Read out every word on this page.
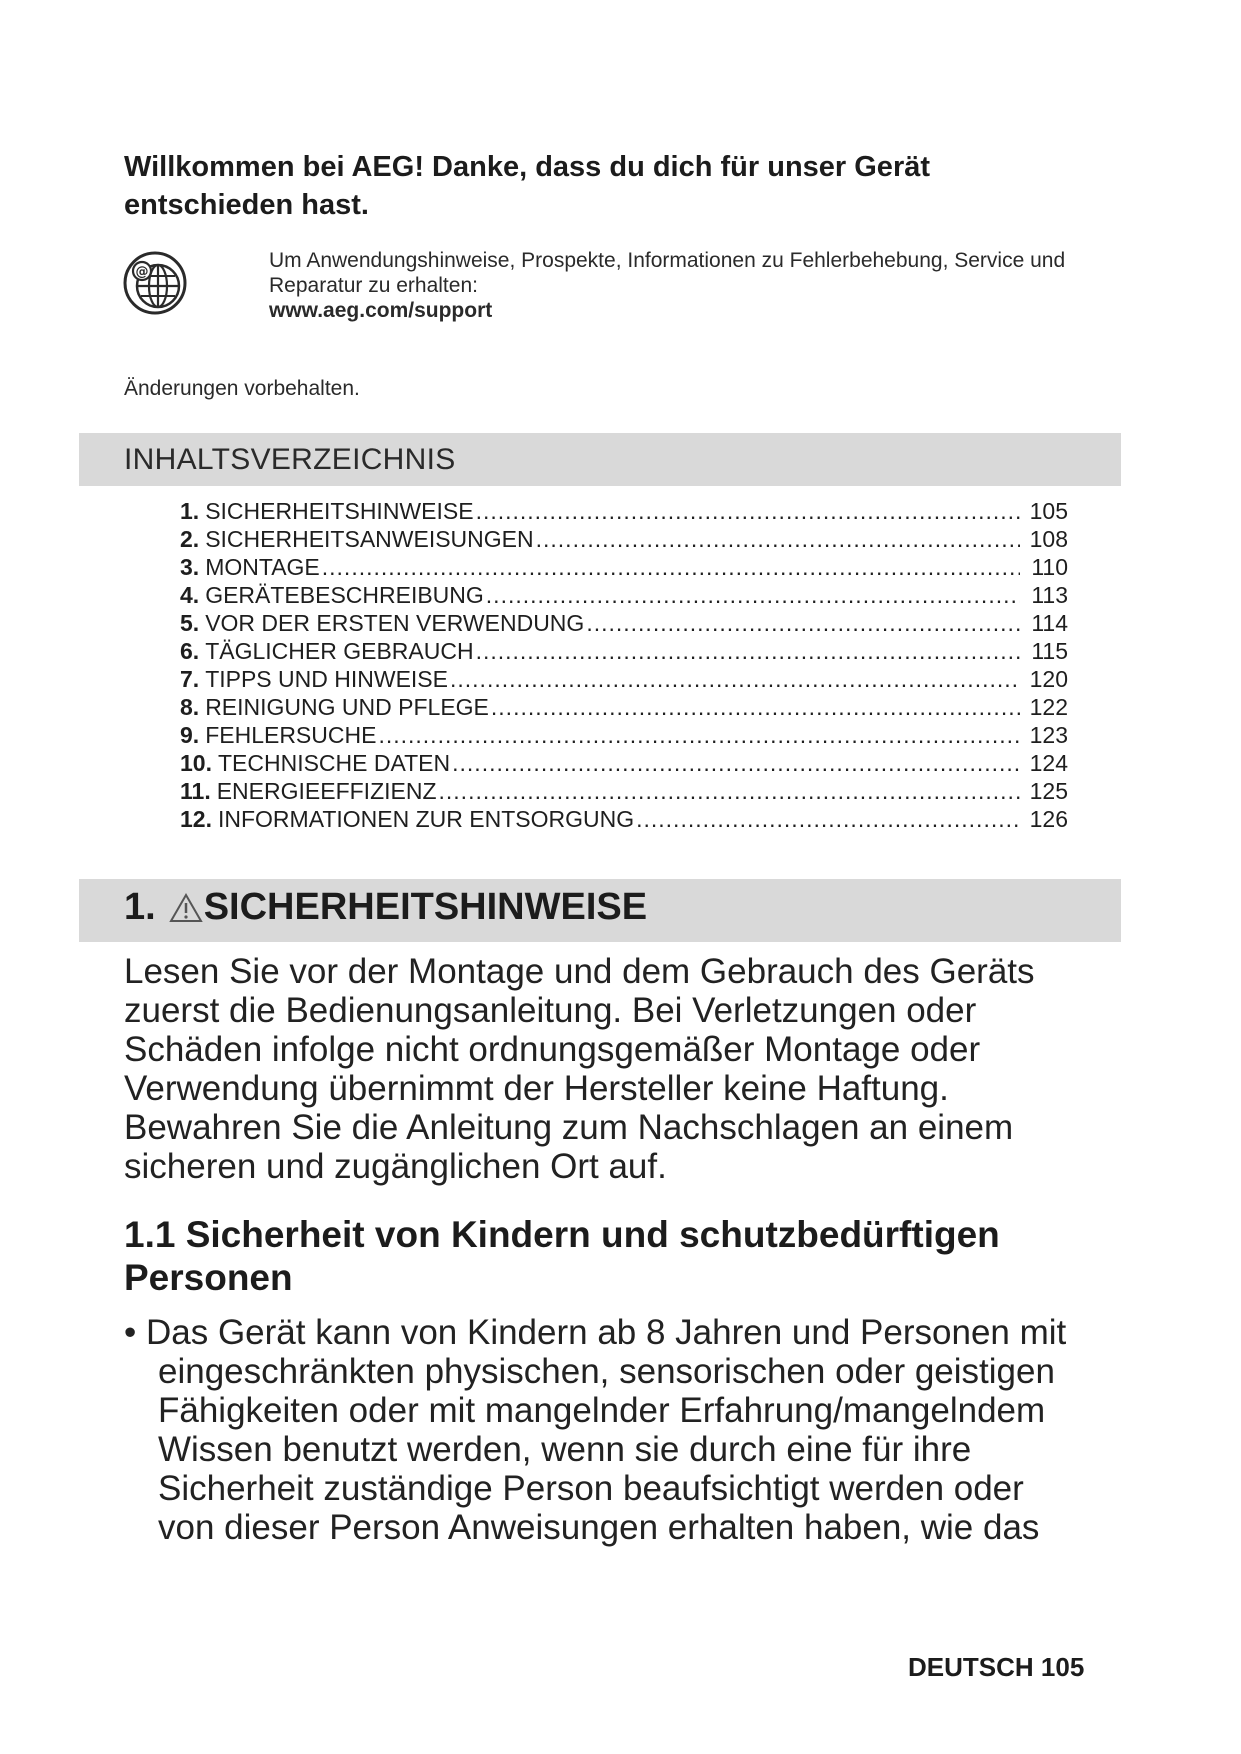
Willkommen bei AEG! Danke, dass du dich für unser Gerät
entschieden hast.
@	Um Anwendungshinweise, Prospekte, Informationen zu Fehlerbehebung, Service und
Reparatur zu erhalten:
www.aeg.com/support
Änderungen vorbehalten.
INHALTSVERZEICHNIS
1. SICHERHEITSHINWEISE .....	105
2. SICHERHEITSANWEISUNGEN .....	108
3. MONTAGE .....	110
4. GERÄTEBESCHREIBUNG .....	113
5. VOR DER ERSTEN VERWENDUNG .....	114
6. TÄGLICHER GEBRAUCH .....	115
7. TIPPS UND HINWEISE .....	120
8. REINIGUNG UND PFLEGE .....	122
9. FEHLERSUCHE .....	123
10. TECHNISCHE DATEN .....	124
11. ENERGIEEFFIZIENZ .....	125
12. INFORMATIONEN ZUR ENTSORGUNG .....	126
1. SICHERHEITSHINWEISE
Lesen Sie vor der Montage und dem Gebrauch des Geräts
zuerst die Bedienungsanleitung. Bei Verletzungen oder
Schäden infolge nicht ordnungsgemäßer Montage oder
Verwendung übernimmt der Hersteller keine Haftung.
Bewahren Sie die Anleitung zum Nachschlagen an einem
sicheren und zugänglichen Ort auf.
1.1 Sicherheit von Kindern und schutzbedürftigen
Personen
• Das Gerät kann von Kindern ab 8 Jahren und Personen mit
eingeschränkten physischen, sensorischen oder geistigen
Fähigkeiten oder mit mangelnder Erfahrung/mangelndem
Wissen benutzt werden, wenn sie durch eine für ihre
Sicherheit zuständige Person beaufsichtigt werden oder
von dieser Person Anweisungen erhalten haben, wie das
DEUTSCH 105
